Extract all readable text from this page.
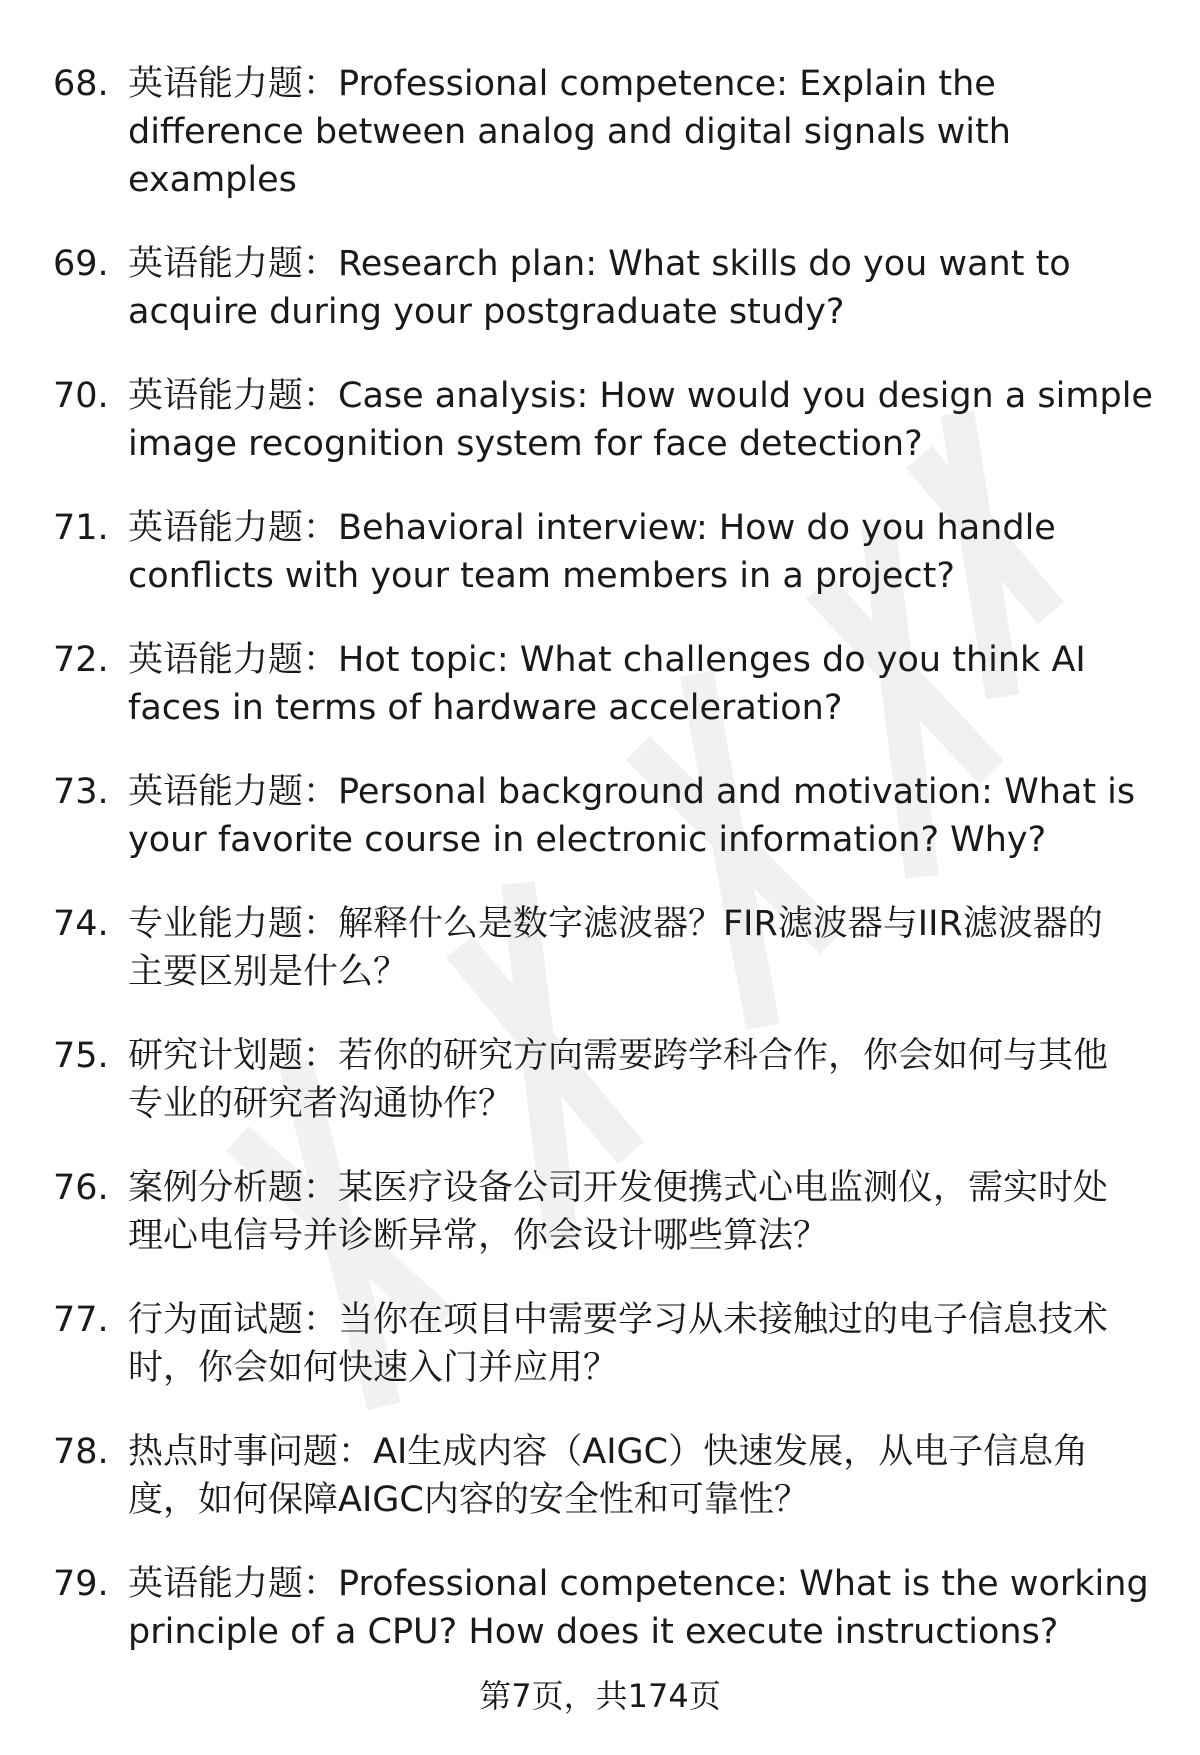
68. 英语能力题：Professional competence: Explain the
difference between analog and digital signals with
examples
69. 英语能力题：Research plan: What skills do you want to
acquire during your postgraduate study?
70. 英语能力题：Case analysis: How would you design a simple
image recognition system for face detection?
71. 英语能力题：Behavioral interview: How do you handle
conflicts with your team members in a project?
72. 英语能力题：Hot topic: What challenges do you think AI
faces in terms of hardware acceleration?
73. 英语能力题：Personal background and motivation: What is
your favorite course in electronic information? Why?
74. 专业能力题：解释什么是数字滤波器？FIR滤波器与IIR滤波器的
主要区别是什么？
75. 研究计划题：若你的研究方向需要跨学科合作，你会如何与其他
专业的研究者沟通协作？
76. 案例分析题：某医疗设备公司开发便携式心电监测仪，需实时处
理心电信号并诊断异常，你会设计哪些算法？
77. 行为面试题：当你在项目中需要学习从未接触过的电子信息技术
时，你会如何快速入门并应用？
78. 热点时事问题：AI生成内容（AIGC）快速发展，从电子信息角
度，如何保障AIGC内容的安全性和可靠性？
79. 英语能力题：Professional competence: What is the working
principle of a CPU? How does it execute instructions?
第7页，共174页
